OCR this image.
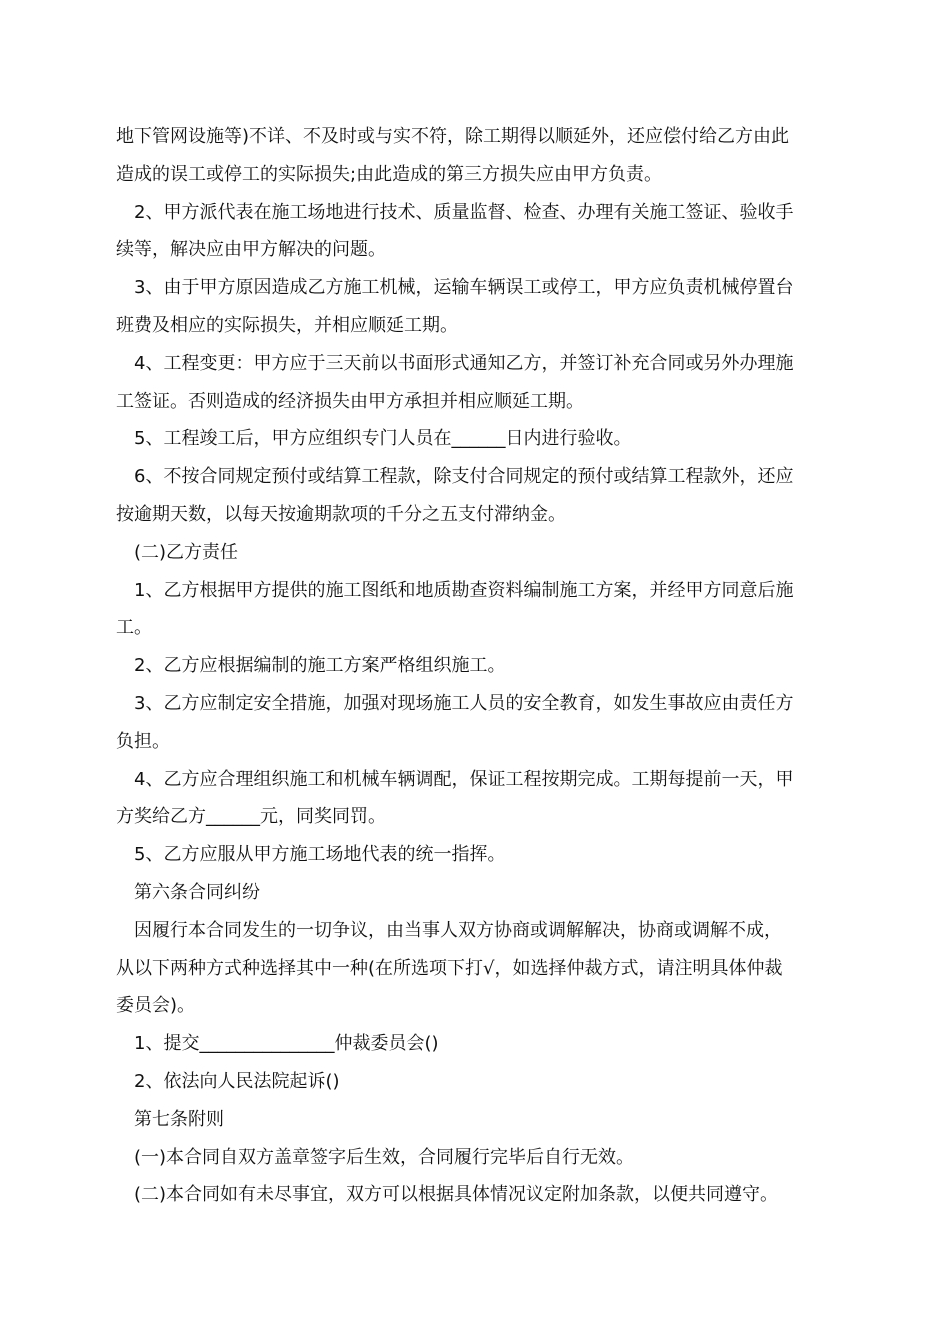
地下管网设施等)不详、不及时或与实不符，除工期得以顺延外，还应偿付给乙方由此
造成的误工或停工的实际损失;由此造成的第三方损失应由甲方负责。

2、甲方派代表在施工场地进行技术、质量监督、检查、办理有关施工签证、验收手
续等，解决应由甲方解决的问题。

3、由于甲方原因造成乙方施工机械，运输车辆误工或停工，甲方应负责机械停置台
班费及相应的实际损失，并相应顺延工期。

4、工程变更：甲方应于三天前以书面形式通知乙方，并签订补充合同或另外办理施
工签证。否则造成的经济损失由甲方承担并相应顺延工期。

5、工程竣工后，甲方应组织专门人员在______日内进行验收。

6、不按合同规定预付或结算工程款，除支付合同规定的预付或结算工程款外，还应
按逾期天数，以每天按逾期款项的千分之五支付滞纳金。

(二)乙方责任

1、乙方根据甲方提供的施工图纸和地质勘查资料编制施工方案，并经甲方同意后施
工。

2、乙方应根据编制的施工方案严格组织施工。

3、乙方应制定安全措施，加强对现场施工人员的安全教育，如发生事故应由责任方
负担。

4、乙方应合理组织施工和机械车辆调配，保证工程按期完成。工期每提前一天，甲
方奖给乙方______元，同奖同罚。

5、乙方应服从甲方施工场地代表的统一指挥。

第六条合同纠纷

因履行本合同发生的一切争议，由当事人双方协商或调解解决，协商或调解不成，
从以下两种方式种选择其中一种(在所选项下打√，如选择仲裁方式，请注明具体仲裁
委员会)。

1、提交_______________仲裁委员会()

2、依法向人民法院起诉()

第七条附则

(一)本合同自双方盖章签字后生效，合同履行完毕后自行无效。

(二)本合同如有未尽事宜，双方可以根据具体情况议定附加条款，以便共同遵守。
